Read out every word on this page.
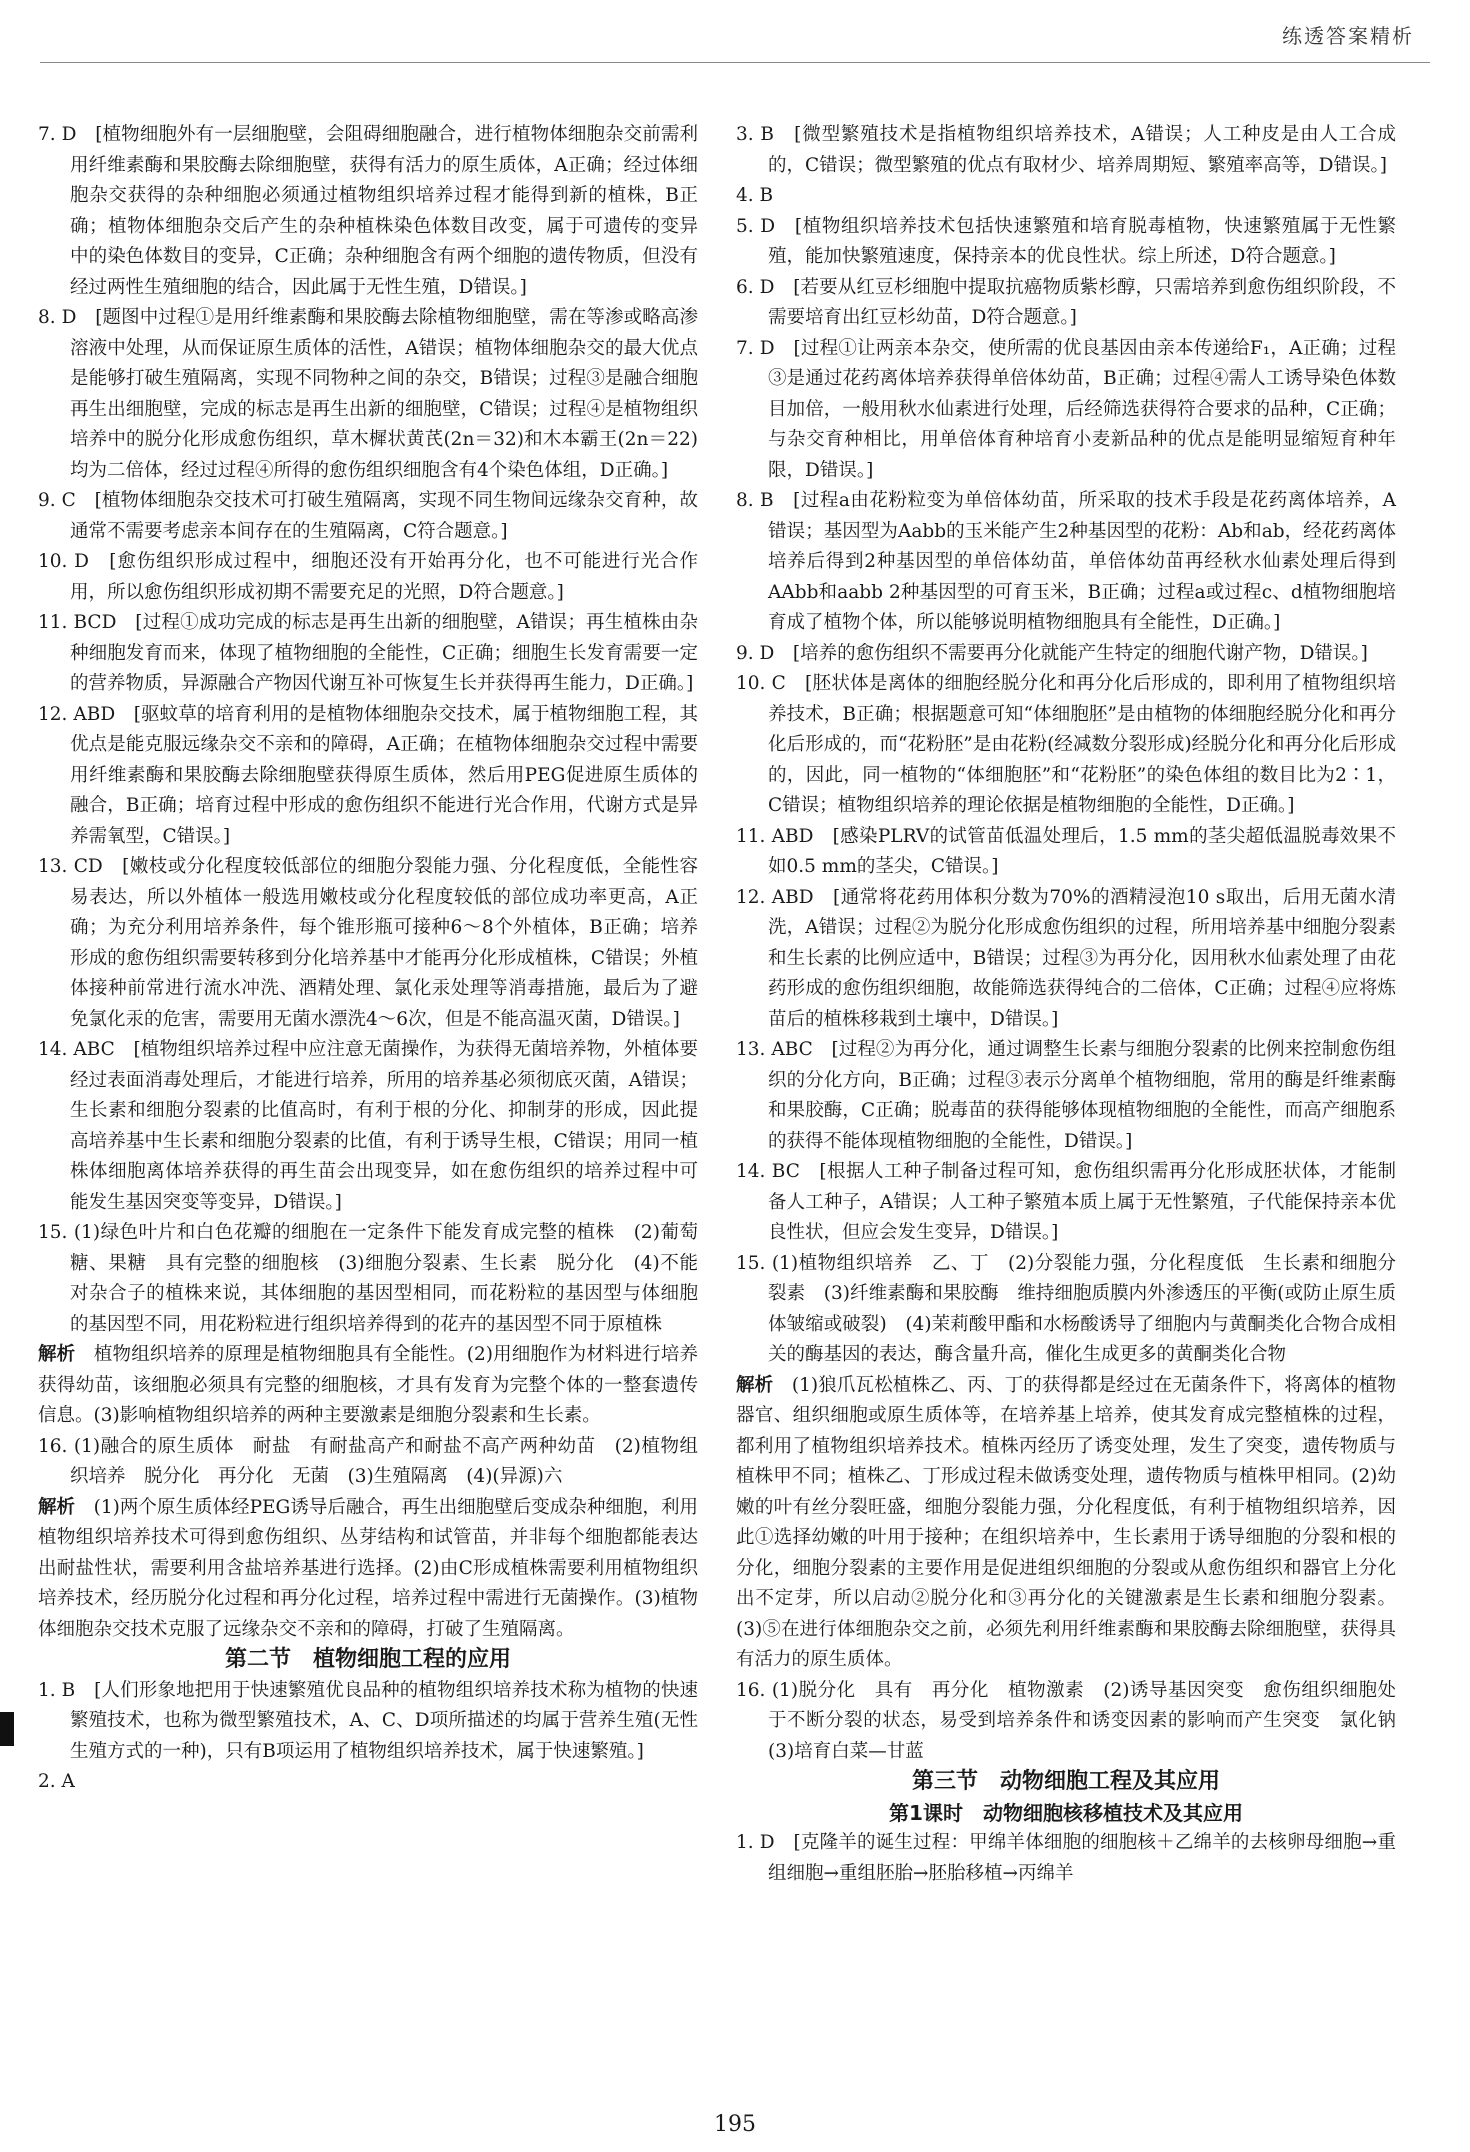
练透答案精析

7. D　[植物细胞外有一层细胞壁，会阻碍细胞融合，进行植物体细胞杂交前需利用纤维素酶和果胶酶去除细胞壁，获得有活力的原生质体，A正确；经过体细胞杂交获得的杂种细胞必须通过植物组织培养过程才能得到新的植株，B正确；植物体细胞杂交后产生的杂种植株染色体数目改变，属于可遗传的变异中的染色体数目的变异，C正确；杂种细胞含有两个细胞的遗传物质，但没有经过两性生殖细胞的结合，因此属于无性生殖，D错误。]

8. D　[题图中过程①是用纤维素酶和果胶酶去除植物细胞壁，需在等渗或略高渗溶液中处理，从而保证原生质体的活性，A错误；植物体细胞杂交的最大优点是能够打破生殖隔离，实现不同物种之间的杂交，B错误；过程③是融合细胞再生出细胞壁，完成的标志是再生出新的细胞壁，C错误；过程④是植物组织培养中的脱分化形成愈伤组织，草木樨状黄芪(2n＝32)和木本霸王(2n＝22)均为二倍体，经过过程④所得的愈伤组织细胞含有4个染色体组，D正确。]

9. C　[植物体细胞杂交技术可打破生殖隔离，实现不同生物间远缘杂交育种，故通常不需要考虑亲本间存在的生殖隔离，C符合题意。]

10. D　[愈伤组织形成过程中，细胞还没有开始再分化，也不可能进行光合作用，所以愈伤组织形成初期不需要充足的光照，D符合题意。]

11. BCD　[过程①成功完成的标志是再生出新的细胞壁，A错误；再生植株由杂种细胞发育而来，体现了植物细胞的全能性，C正确；细胞生长发育需要一定的营养物质，异源融合产物因代谢互补可恢复生长并获得再生能力，D正确。]

12. ABD　[驱蚊草的培育利用的是植物体细胞杂交技术，属于植物细胞工程，其优点是能克服远缘杂交不亲和的障碍，A正确；在植物体细胞杂交过程中需要用纤维素酶和果胶酶去除细胞壁获得原生质体，然后用PEG促进原生质体的融合，B正确；培育过程中形成的愈伤组织不能进行光合作用，代谢方式是异养需氧型，C错误。]

13. CD　[嫩枝或分化程度较低部位的细胞分裂能力强、分化程度低，全能性容易表达，所以外植体一般选用嫩枝或分化程度较低的部位成功率更高，A正确；为充分利用培养条件，每个锥形瓶可接种6～8个外植体，B正确；培养形成的愈伤组织需要转移到分化培养基中才能再分化形成植株，C错误；外植体接种前常进行流水冲洗、酒精处理、氯化汞处理等消毒措施，最后为了避免氯化汞的危害，需要用无菌水漂洗4～6次，但是不能高温灭菌，D错误。]

14. ABC　[植物组织培养过程中应注意无菌操作，为获得无菌培养物，外植体要经过表面消毒处理后，才能进行培养，所用的培养基必须彻底灭菌，A错误；生长素和细胞分裂素的比值高时，有利于根的分化、抑制芽的形成，因此提高培养基中生长素和细胞分裂素的比值，有利于诱导生根，C错误；用同一植株体细胞离体培养获得的再生苗会出现变异，如在愈伤组织的培养过程中可能发生基因突变等变异，D错误。]

15. (1)绿色叶片和白色花瓣的细胞在一定条件下能发育成完整的植株　(2)葡萄糖、果糖　具有完整的细胞核　(3)细胞分裂素、生长素　脱分化　(4)不能　对杂合子的植株来说，其体细胞的基因型相同，而花粉粒的基因型与体细胞的基因型不同，用花粉粒进行组织培养得到的花卉的基因型不同于原植株

解析　植物组织培养的原理是植物细胞具有全能性。(2)用细胞作为材料进行培养获得幼苗，该细胞必须具有完整的细胞核，才具有发育为完整个体的一整套遗传信息。(3)影响植物组织培养的两种主要激素是细胞分裂素和生长素。

16. (1)融合的原生质体　耐盐　有耐盐高产和耐盐不高产两种幼苗　(2)植物组织培养　脱分化　再分化　无菌　(3)生殖隔离　(4)(异源)六

解析　(1)两个原生质体经PEG诱导后融合，再生出细胞壁后变成杂种细胞，利用植物组织培养技术可得到愈伤组织、丛芽结构和试管苗，并非每个细胞都能表达出耐盐性状，需要利用含盐培养基进行选择。(2)由C形成植株需要利用植物组织培养技术，经历脱分化过程和再分化过程，培养过程中需进行无菌操作。(3)植物体细胞杂交技术克服了远缘杂交不亲和的障碍，打破了生殖隔离。

第二节　植物细胞工程的应用

1. B　[人们形象地把用于快速繁殖优良品种的植物组织培养技术称为植物的快速繁殖技术，也称为微型繁殖技术，A、C、D项所描述的均属于营养生殖(无性生殖方式的一种)，只有B项运用了植物组织培养技术，属于快速繁殖。]

2. A

3. B　[微型繁殖技术是指植物组织培养技术，A错误；人工种皮是由人工合成的，C错误；微型繁殖的优点有取材少、培养周期短、繁殖率高等，D错误。]

4. B

5. D　[植物组织培养技术包括快速繁殖和培育脱毒植物，快速繁殖属于无性繁殖，能加快繁殖速度，保持亲本的优良性状。综上所述，D符合题意。]

6. D　[若要从红豆杉细胞中提取抗癌物质紫杉醇，只需培养到愈伤组织阶段，不需要培育出红豆杉幼苗，D符合题意。]

7. D　[过程①让两亲本杂交，使所需的优良基因由亲本传递给F₁，A正确；过程③是通过花药离体培养获得单倍体幼苗，B正确；过程④需人工诱导染色体数目加倍，一般用秋水仙素进行处理，后经筛选获得符合要求的品种，C正确；与杂交育种相比，用单倍体育种培育小麦新品种的优点是能明显缩短育种年限，D错误。]

8. B　[过程a由花粉粒变为单倍体幼苗，所采取的技术手段是花药离体培养，A错误；基因型为Aabb的玉米能产生2种基因型的花粉：Ab和ab，经花药离体培养后得到2种基因型的单倍体幼苗，单倍体幼苗再经秋水仙素处理后得到AAbb和aabb 2种基因型的可育玉米，B正确；过程a或过程c、d植物细胞培育成了植物个体，所以能够说明植物细胞具有全能性，D正确。]

9. D　[培养的愈伤组织不需要再分化就能产生特定的细胞代谢产物，D错误。]

10. C　[胚状体是离体的细胞经脱分化和再分化后形成的，即利用了植物组织培养技术，B正确；根据题意可知“体细胞胚”是由植物的体细胞经脱分化和再分化后形成的，而“花粉胚”是由花粉(经减数分裂形成)经脱分化和再分化后形成的，因此，同一植物的“体细胞胚”和“花粉胚”的染色体组的数目比为2∶1，C错误；植物组织培养的理论依据是植物细胞的全能性，D正确。]

11. ABD　[感染PLRV的试管苗低温处理后，1.5 mm的茎尖超低温脱毒效果不如0.5 mm的茎尖，C错误。]

12. ABD　[通常将花药用体积分数为70%的酒精浸泡10 s取出，后用无菌水清洗，A错误；过程②为脱分化形成愈伤组织的过程，所用培养基中细胞分裂素和生长素的比例应适中，B错误；过程③为再分化，因用秋水仙素处理了由花药形成的愈伤组织细胞，故能筛选获得纯合的二倍体，C正确；过程④应将炼苗后的植株移栽到土壤中，D错误。]

13. ABC　[过程②为再分化，通过调整生长素与细胞分裂素的比例来控制愈伤组织的分化方向，B正确；过程③表示分离单个植物细胞，常用的酶是纤维素酶和果胶酶，C正确；脱毒苗的获得能够体现植物细胞的全能性，而高产细胞系的获得不能体现植物细胞的全能性，D错误。]

14. BC　[根据人工种子制备过程可知，愈伤组织需再分化形成胚状体，才能制备人工种子，A错误；人工种子繁殖本质上属于无性繁殖，子代能保持亲本优良性状，但应会发生变异，D错误。]

15. (1)植物组织培养　乙、丁　(2)分裂能力强，分化程度低　生长素和细胞分裂素　(3)纤维素酶和果胶酶　维持细胞质膜内外渗透压的平衡(或防止原生质体皱缩或破裂)　(4)茉莉酸甲酯和水杨酸诱导了细胞内与黄酮类化合物合成相关的酶基因的表达，酶含量升高，催化生成更多的黄酮类化合物

解析　(1)狼爪瓦松植株乙、丙、丁的获得都是经过在无菌条件下，将离体的植物器官、组织细胞或原生质体等，在培养基上培养，使其发育成完整植株的过程，都利用了植物组织培养技术。植株丙经历了诱变处理，发生了突变，遗传物质与植株甲不同；植株乙、丁形成过程未做诱变处理，遗传物质与植株甲相同。(2)幼嫩的叶有丝分裂旺盛，细胞分裂能力强，分化程度低，有利于植物组织培养，因此①选择幼嫩的叶用于接种；在组织培养中，生长素用于诱导细胞的分裂和根的分化，细胞分裂素的主要作用是促进组织细胞的分裂或从愈伤组织和器官上分化出不定芽，所以启动②脱分化和③再分化的关键激素是生长素和细胞分裂素。(3)⑤在进行体细胞杂交之前，必须先利用纤维素酶和果胶酶去除细胞壁，获得具有活力的原生质体。

16. (1)脱分化　具有　再分化　植物激素　(2)诱导基因突变　愈伤组织细胞处于不断分裂的状态，易受到培养条件和诱变因素的影响而产生突变　氯化钠　(3)培育白菜—甘蓝

第三节　动物细胞工程及其应用

第1课时　动物细胞核移植技术及其应用

1. D　[克隆羊的诞生过程：甲绵羊体细胞的细胞核＋乙绵羊的去核卵母细胞→重组细胞→重组胚胎→胚胎移植→丙绵羊

195
